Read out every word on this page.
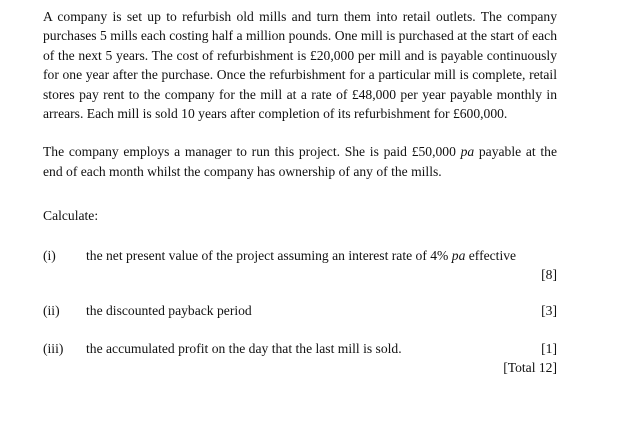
A company is set up to refurbish old mills and turn them into retail outlets. The company purchases 5 mills each costing half a million pounds. One mill is purchased at the start of each of the next 5 years. The cost of refurbishment is £20,000 per mill and is payable continuously for one year after the purchase. Once the refurbishment for a particular mill is complete, retail stores pay rent to the company for the mill at a rate of £48,000 per year payable monthly in arrears. Each mill is sold 10 years after completion of its refurbishment for £600,000.

The company employs a manager to run this project. She is paid £50,000 pa payable at the end of each month whilst the company has ownership of any of the mills.

Calculate:
(i) the net present value of the project assuming an interest rate of 4% pa effective
[8]
(ii) the discounted payback period	[3]
(iii) the accumulated profit on the day that the last mill is sold.	[1]
[Total 12]
